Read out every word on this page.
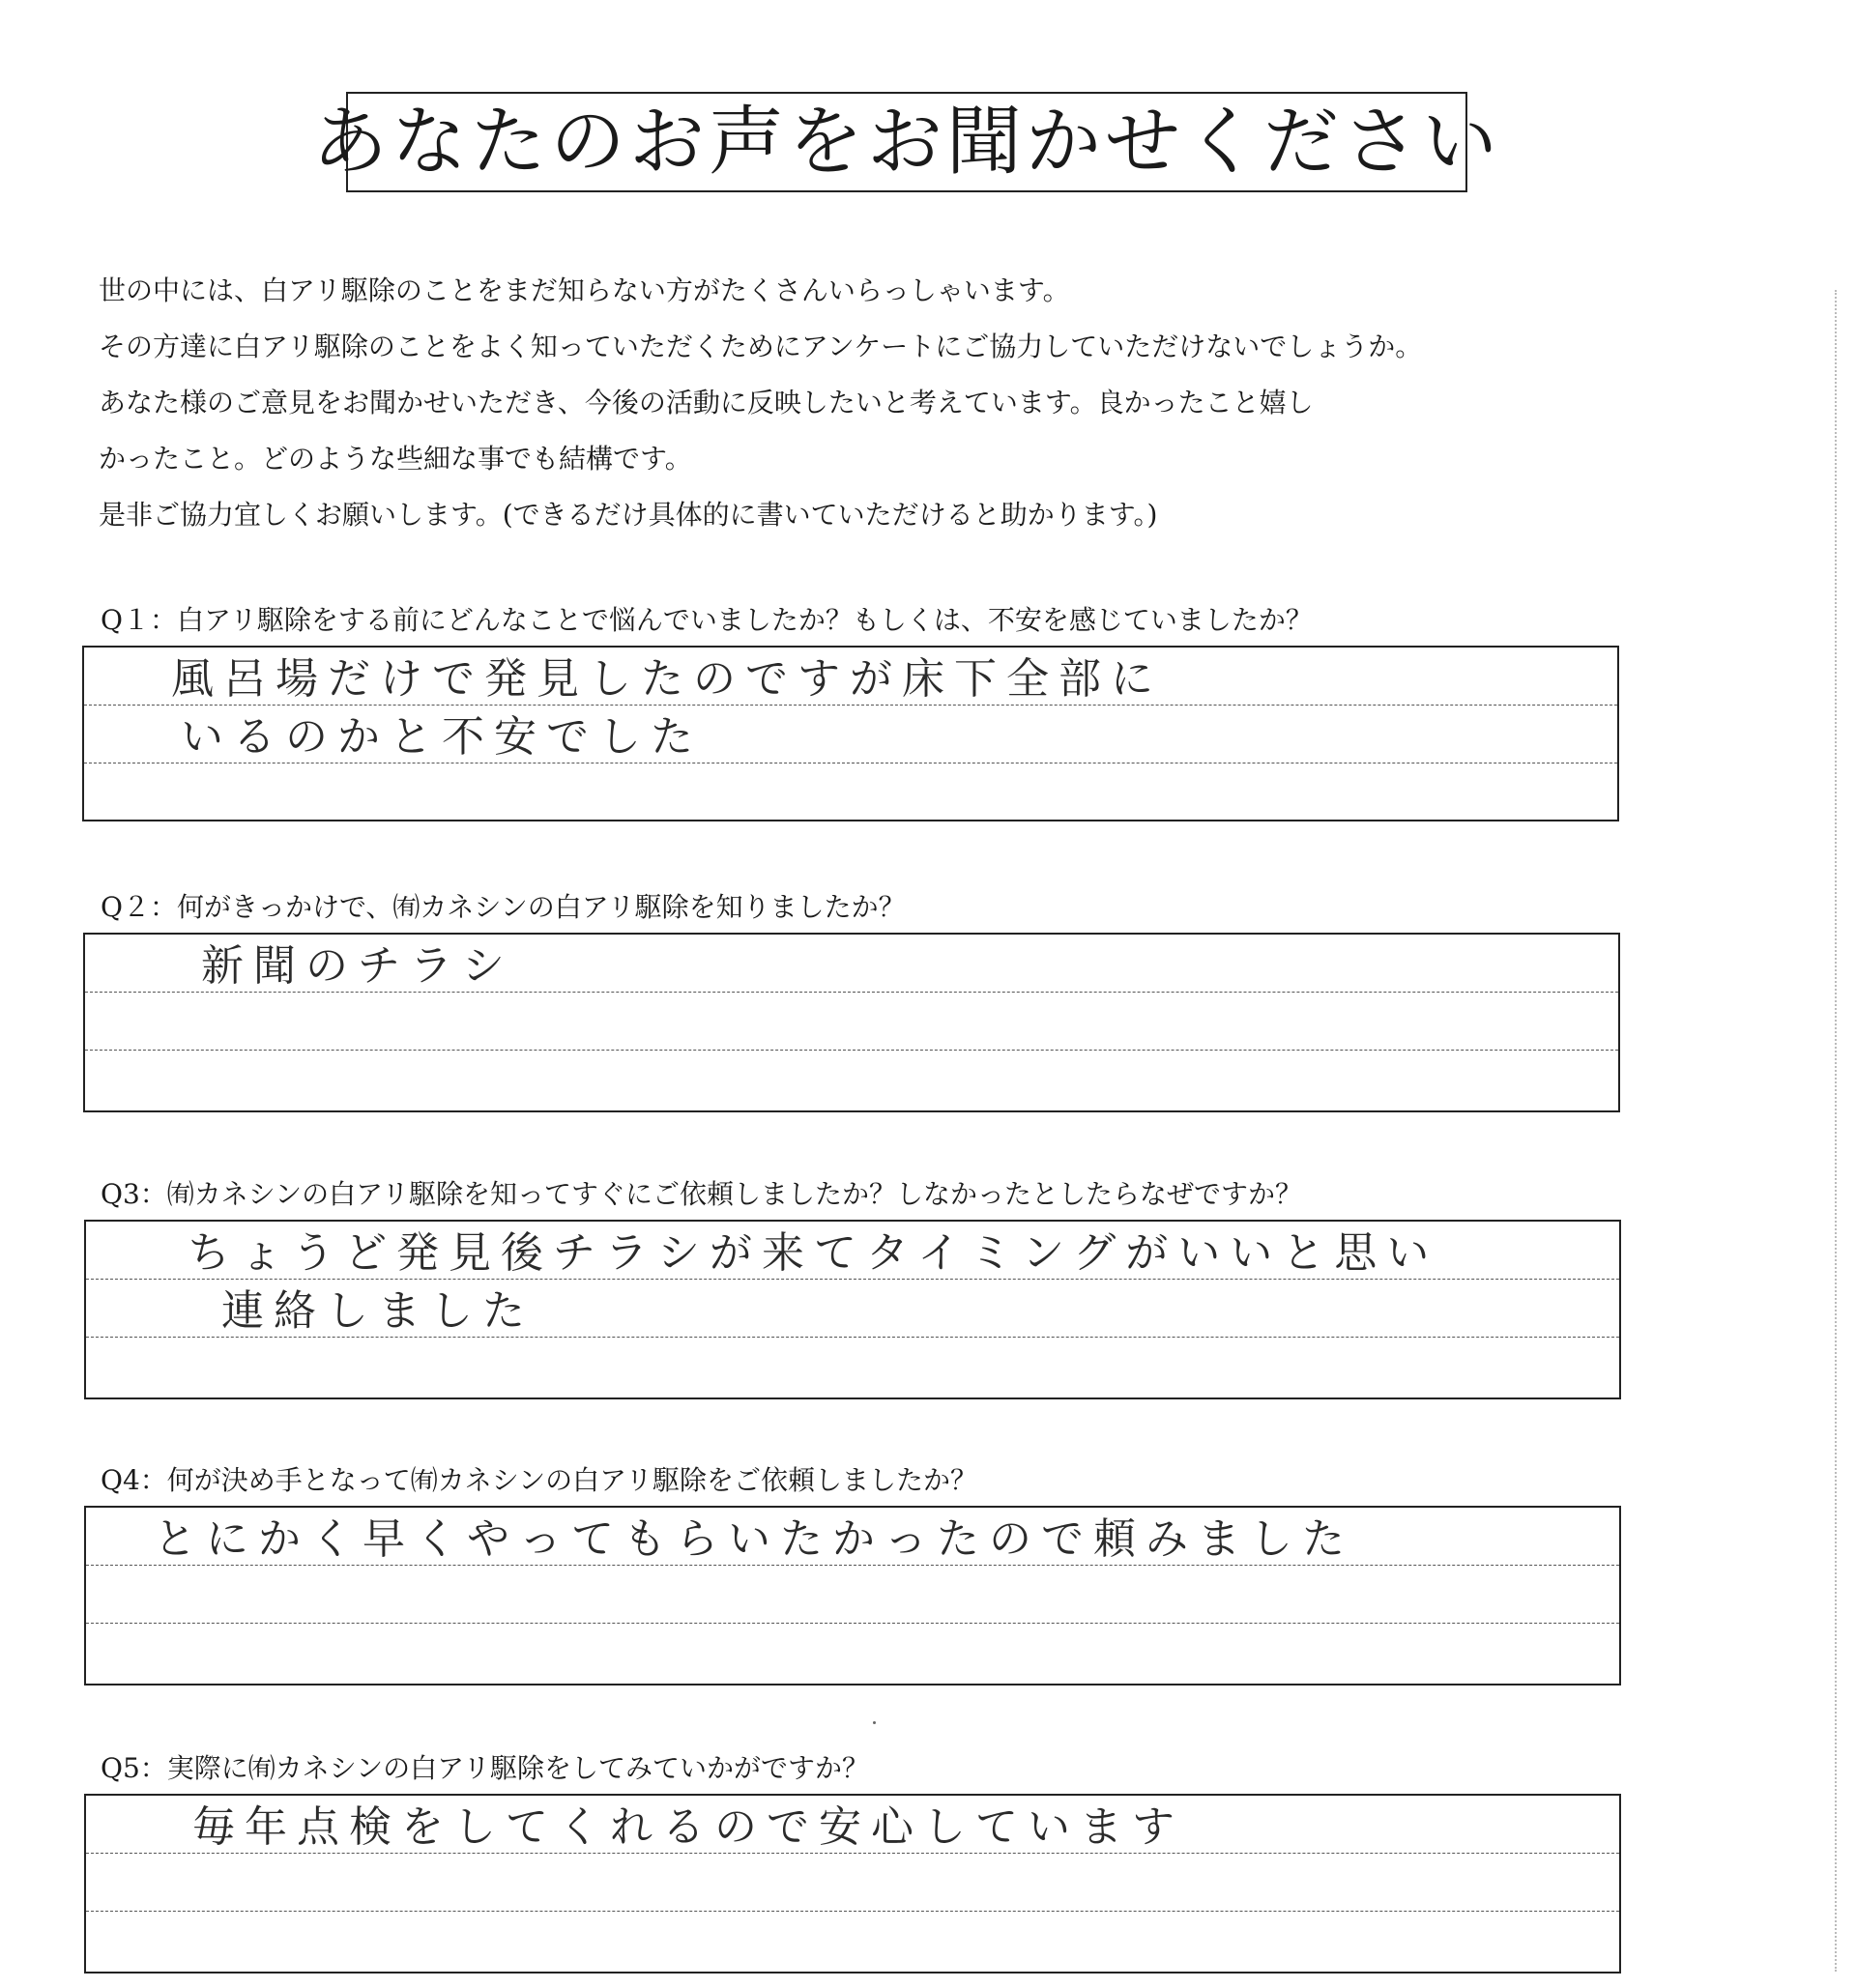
あなたのお声をお聞かせください

世の中には、白アリ駆除のことをまだ知らない方がたくさんいらっしゃいます。

その方達に白アリ駆除のことをよく知っていただくためにアンケートにご協力していただけないでしょうか。

あなた様のご意見をお聞かせいただき、今後の活動に反映したいと考えています。良かったこと嬉し

かったこと。どのような些細な事でも結構です。

是非ご協力宜しくお願いします。(できるだけ具体的に書いていただけると助かります。)

Q１：白アリ駆除をする前にどんなことで悩んでいましたか？もしくは、不安を感じていましたか？
風呂場だけで発見したのですが床下全部に
いるのかと不安でした
Q２：何がきっかけで、㈲カネシンの白アリ駆除を知りましたか？
新聞のチラシ
Q3：㈲カネシンの白アリ駆除を知ってすぐにご依頼しましたか？しなかったとしたらなぜですか？
ちょうど発見後チラシが来てタイミングがいいと思い
連絡しました
Q4：何が決め手となって㈲カネシンの白アリ駆除をご依頼しましたか？
とにかく早くやってもらいたかったので頼みました
Q5：実際に㈲カネシンの白アリ駆除をしてみていかがですか？
毎年点検をしてくれるので安心しています
